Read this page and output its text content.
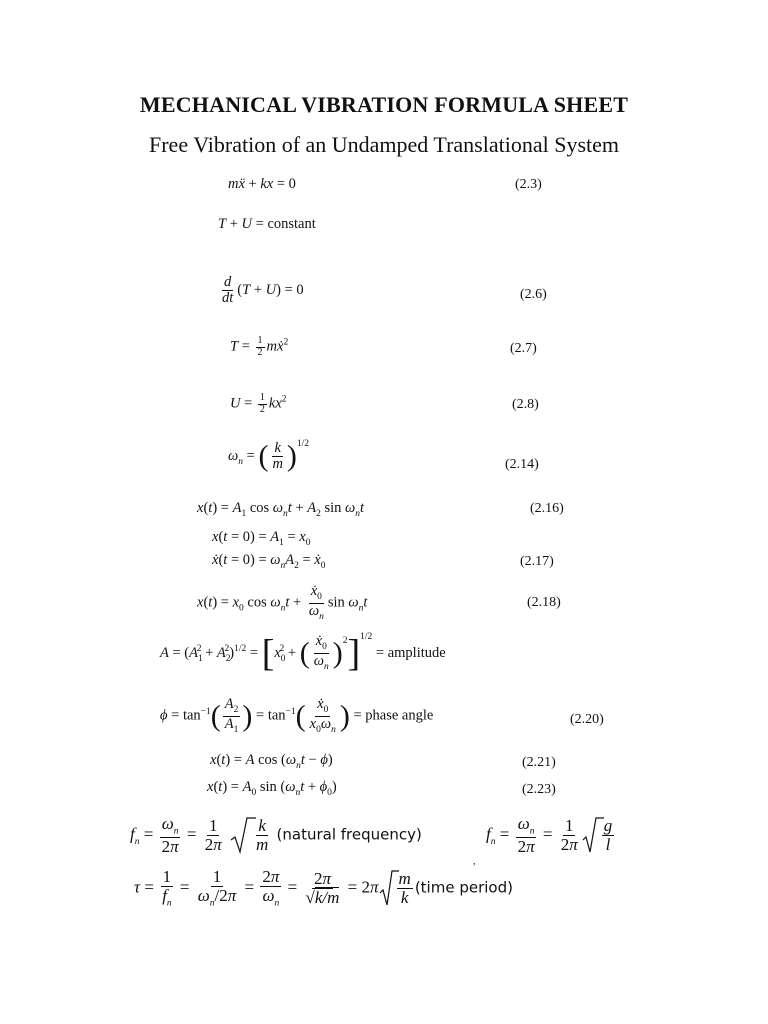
MECHANICAL VIBRATION FORMULA SHEET
Free Vibration of an Undamped Translational System
mẍ + kx = 0	(2.3)
T + U = constant
$\frac{d}{dt} (T + U) = 0$	(2.6)
$T = \frac{1}{2}$ mẋ$^2$	(2.7)
$U = \frac{1}{2} kx^2$	(2.8)
$\omega_n$ = ( $\frac{k}{m} )^{1/2}$
(2.14)
$x(t) = A_1$ $\cos \omega_nt + A_2$ $\sin \omega_nt$	(2.16)
$x(t = 0) = A_1 = x_0$
ẋ(t = $0) = \omega_nA_2$ = ẋ$_0$	(2.17)
$x(t) = x_0$ $\cos \omega_nt + \frac{ẋ_0}{\omega_n}$ $\sin \omega_nt$	(2.18)
$A = (A_1^2 + A_2^2)^{1/2} = [x_0^2$ + ( $\frac{ẋ_0}{\omega_n} )^2]^{1/2}$ = amplitude
$\phi = \tan^{-1}( \frac{A_2}{A_1}$ ) = $\tan^{-1}( \frac{ẋ_0}{x_0\omega_n}$ ) = phase angle	(2.20)
x(t) = A $\cos (\omega_nt - \phi)$	(2.21)
$x(t) = A_0$ $\sin (\omega_nt + \phi_0)$	(2.23)
$f_n = \frac{\omega_n}{2\pi} = \frac{1}{2\pi}$
$\frac{k}{m}$ (natural frequency)	$f_n = \frac{\omega_n}{2\pi} = \frac{1}{2\pi} \frac{g}{l}$
,
$\tau = \frac{1}{f_n} = \frac{1}{\omega_n/2\pi} = \frac{2\pi}{\omega_n} = \frac{2\pi}{√k/m} = 2\pi \frac{m}{k}$ (time period)
